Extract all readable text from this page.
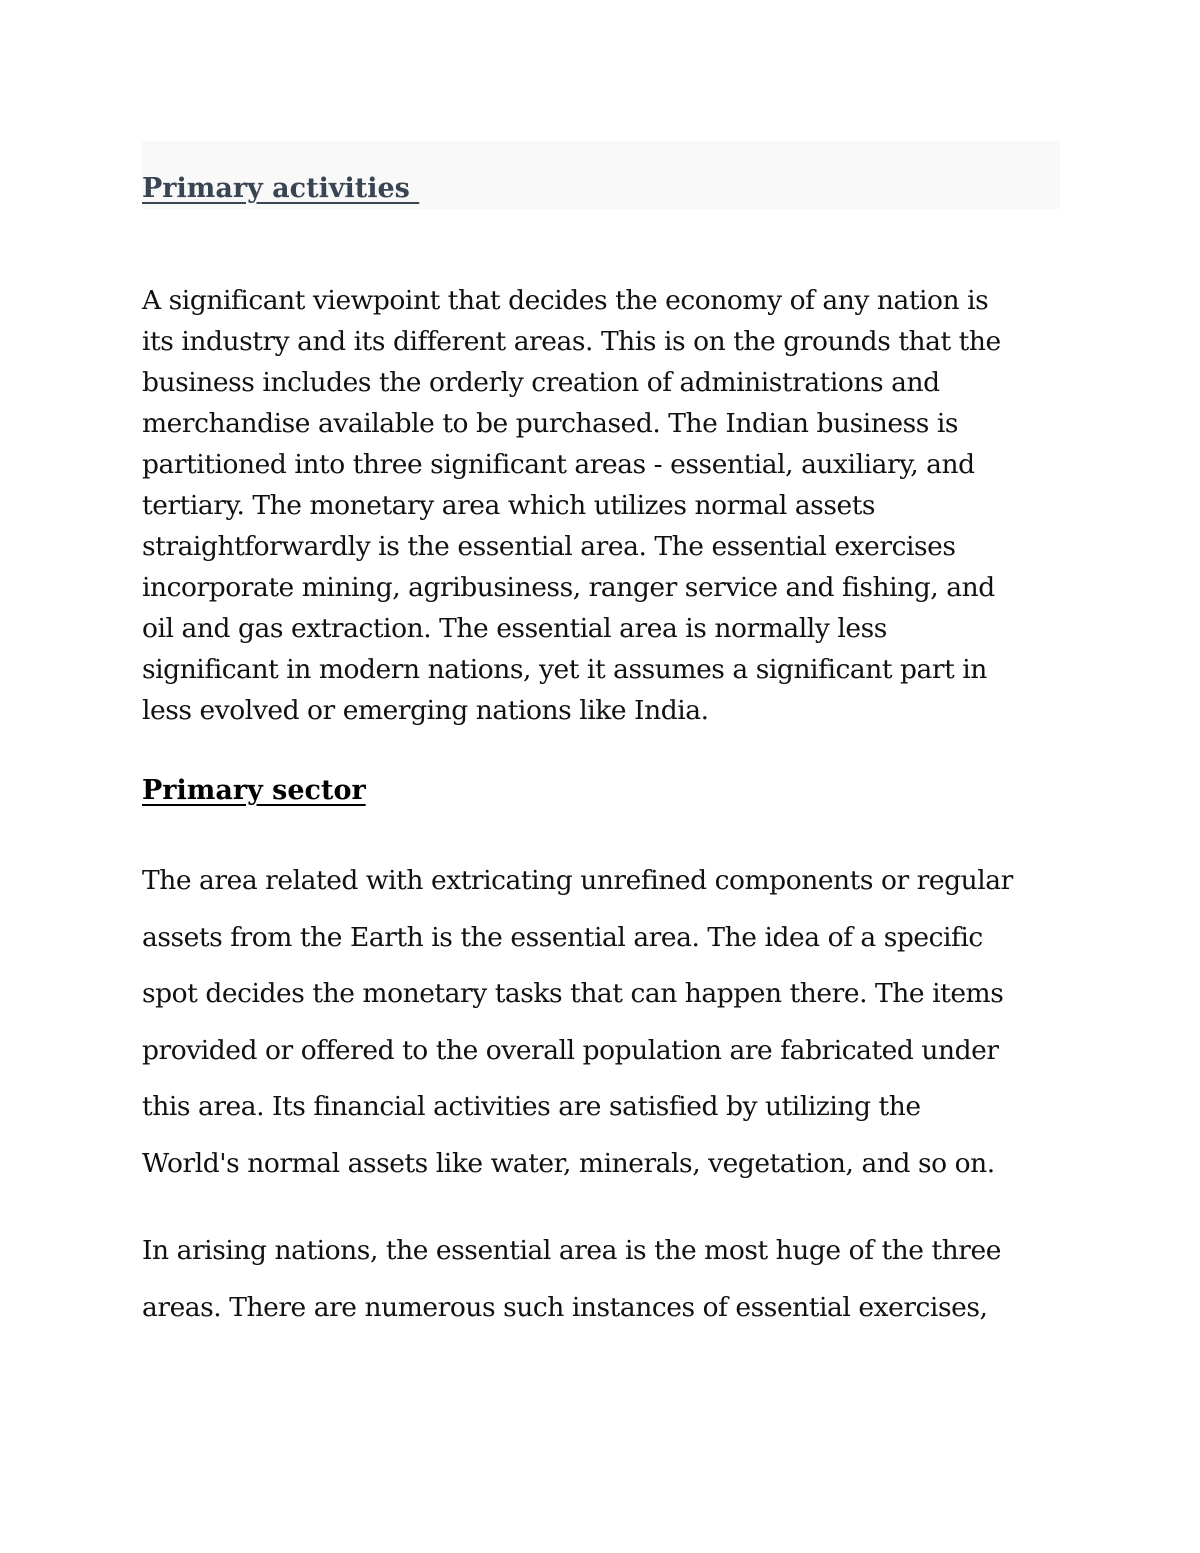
Primary activities

A significant viewpoint that decides the economy of any nation is
its industry and its different areas. This is on the grounds that the
business includes the orderly creation of administrations and
merchandise available to be purchased. The Indian business is
partitioned into three significant areas - essential, auxiliary, and
tertiary. The monetary area which utilizes normal assets
straightforwardly is the essential area. The essential exercises
incorporate mining, agribusiness, ranger service and fishing, and
oil and gas extraction. The essential area is normally less
significant in modern nations, yet it assumes a significant part in
less evolved or emerging nations like India.

Primary sector

The area related with extricating unrefined components or regular
assets from the Earth is the essential area. The idea of a specific
spot decides the monetary tasks that can happen there. The items
provided or offered to the overall population are fabricated under
this area. Its financial activities are satisfied by utilizing the
World's normal assets like water, minerals, vegetation, and so on.

In arising nations, the essential area is the most huge of the three
areas. There are numerous such instances of essential exercises,
